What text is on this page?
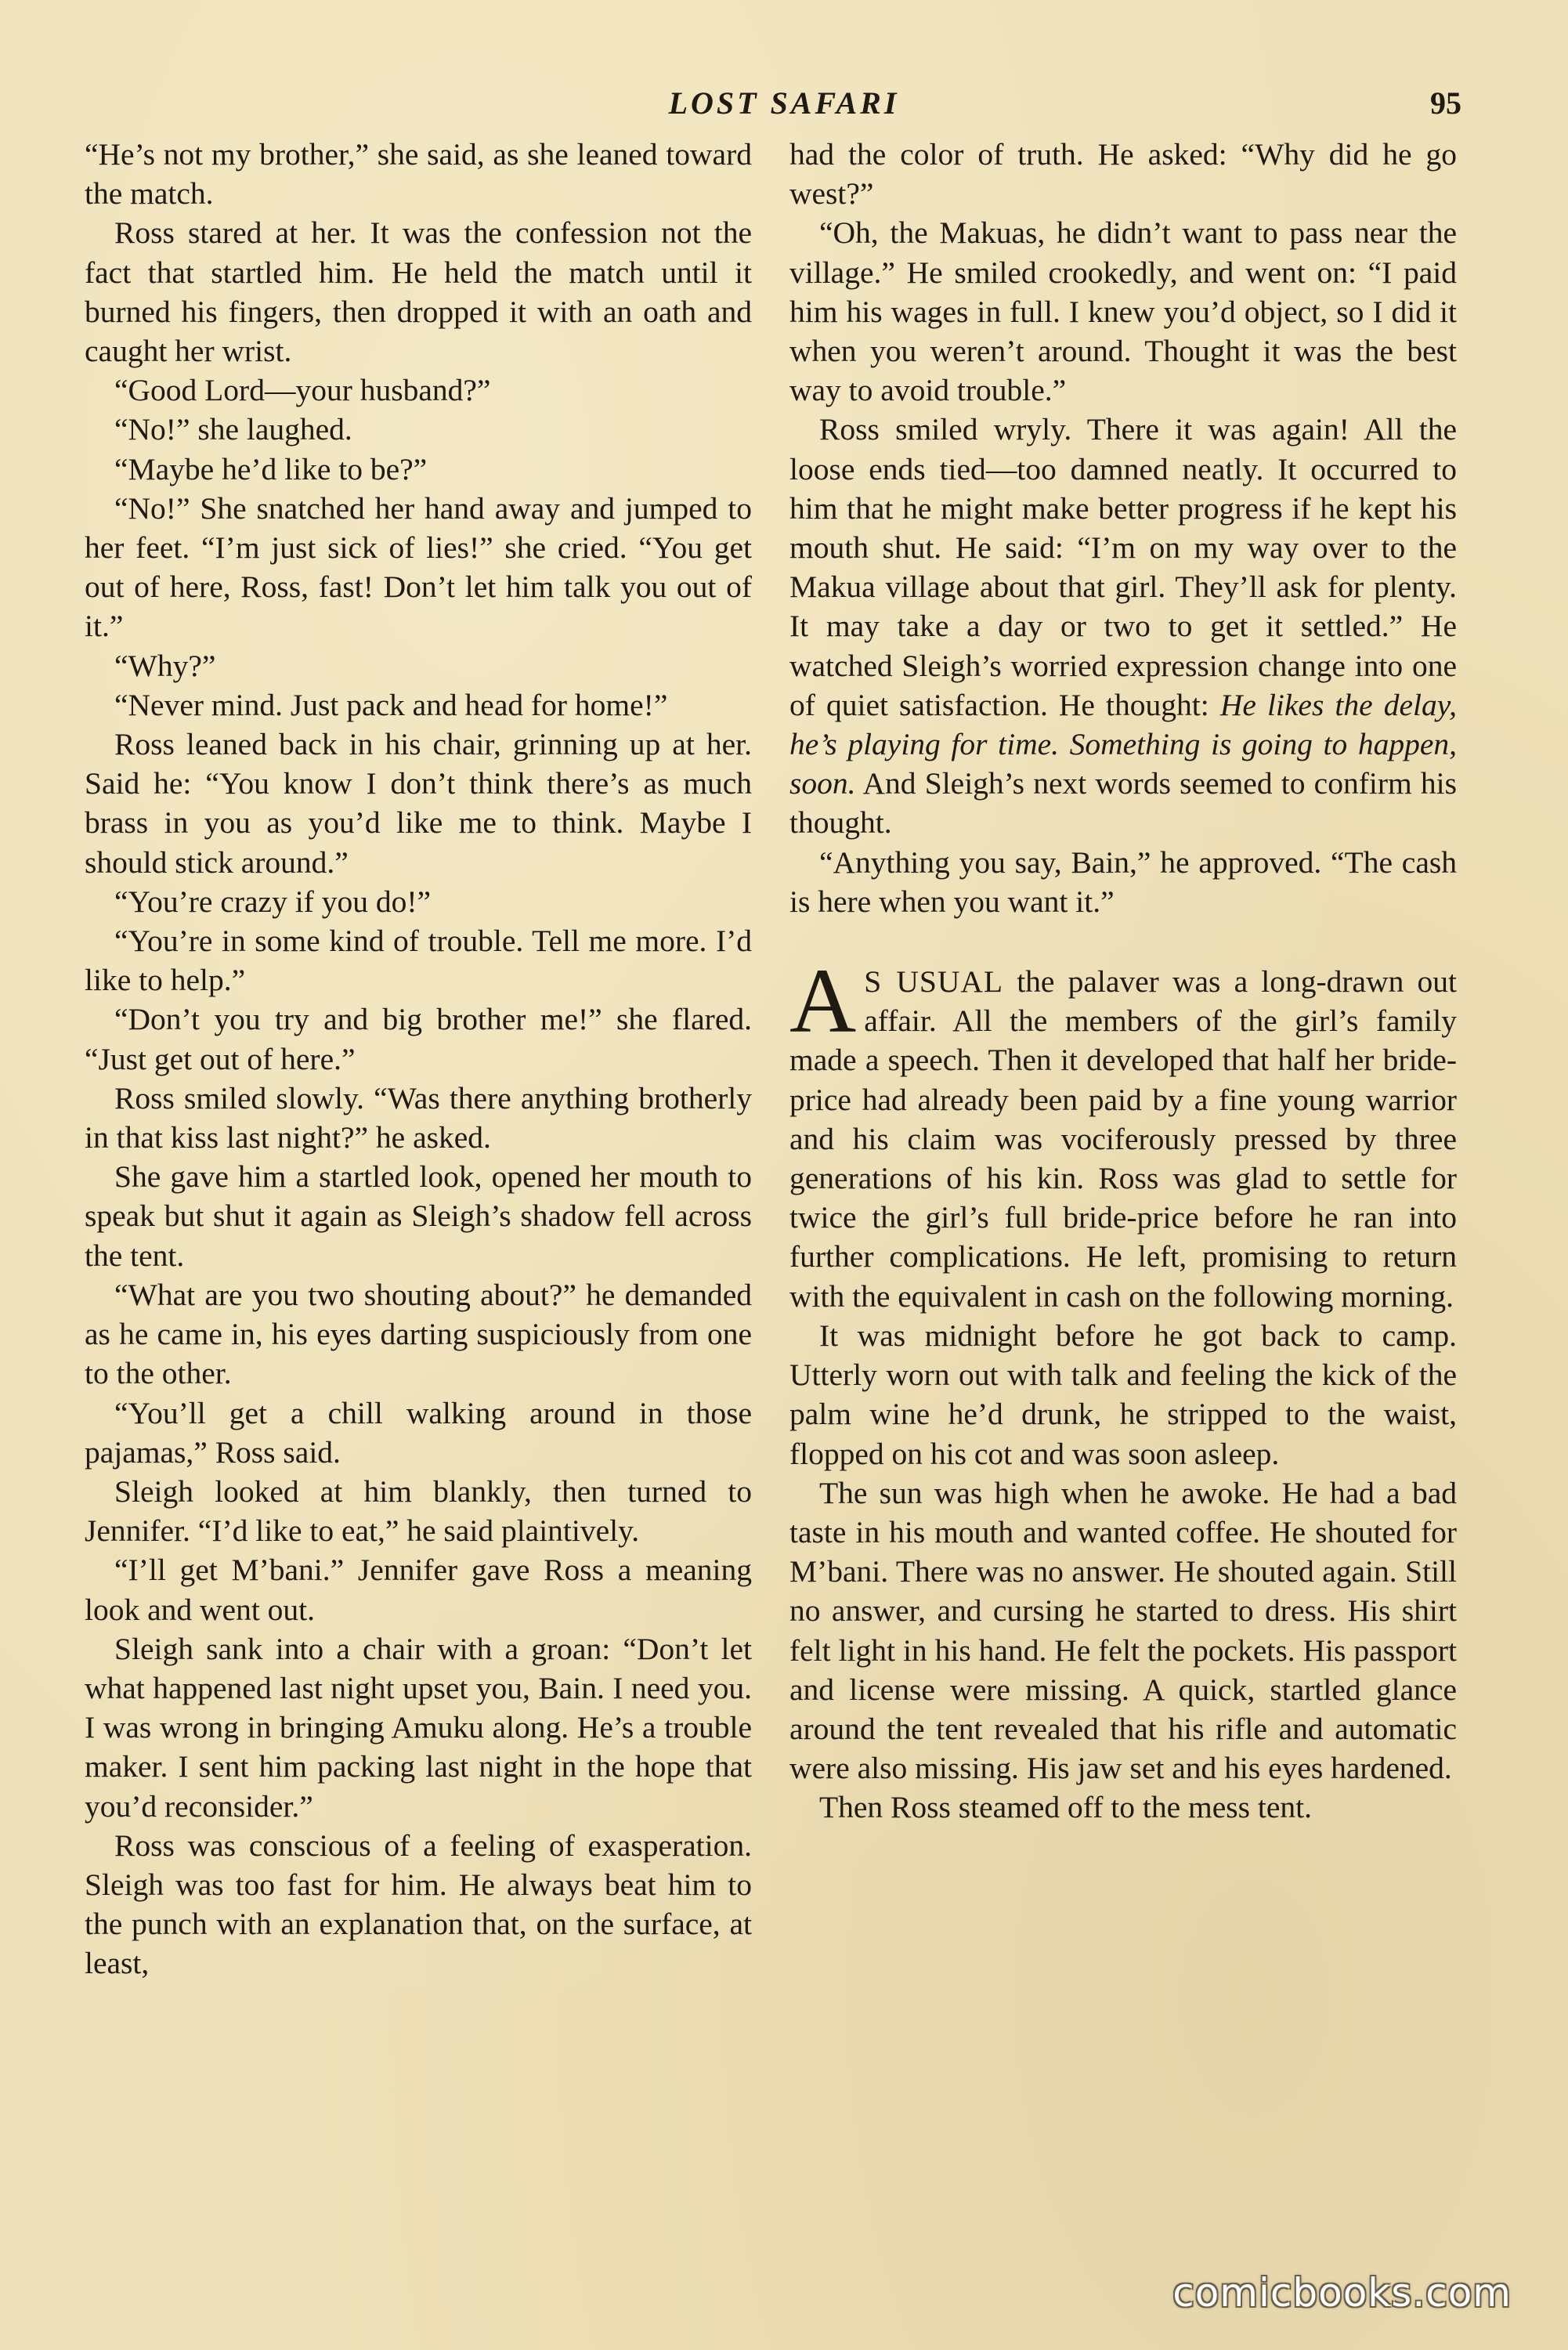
LOST SAFARI	95

“He’s not my brother,” she said, as she leaned toward the match.

Ross stared at her. It was the confession not the fact that startled him. He held the match until it burned his fingers, then dropped it with an oath and caught her wrist.

“Good Lord—your husband?”

“No!” she laughed.

“Maybe he’d like to be?”

“No!” She snatched her hand away and jumped to her feet. “I’m just sick of lies!” she cried. “You get out of here, Ross, fast! Don’t let him talk you out of it.”

“Why?”

“Never mind. Just pack and head for home!”

Ross leaned back in his chair, grinning up at her. Said he: “You know I don’t think there’s as much brass in you as you’d like me to think. Maybe I should stick around.”

“You’re crazy if you do!”

“You’re in some kind of trouble. Tell me more. I’d like to help.”

“Don’t you try and big brother me!” she flared. “Just get out of here.”

Ross smiled slowly. “Was there anything brotherly in that kiss last night?” he asked.

She gave him a startled look, opened her mouth to speak but shut it again as Sleigh’s shadow fell across the tent.

“What are you two shouting about?” he demanded as he came in, his eyes darting suspiciously from one to the other.

“You’ll get a chill walking around in those pajamas,” Ross said.

Sleigh looked at him blankly, then turned to Jennifer. “I’d like to eat,” he said plaintively.

“I’ll get M’bani.” Jennifer gave Ross a meaning look and went out.

Sleigh sank into a chair with a groan: “Don’t let what happened last night upset you, Bain. I need you. I was wrong in bringing Amuku along. He’s a trouble maker. I sent him packing last night in the hope that you’d reconsider.”

Ross was conscious of a feeling of exasperation. Sleigh was too fast for him. He always beat him to the punch with an explanation that, on the surface, at least,

had the color of truth. He asked: “Why did he go west?”

“Oh, the Makuas, he didn’t want to pass near the village.” He smiled crookedly, and went on: “I paid him his wages in full. I knew you’d object, so I did it when you weren’t around. Thought it was the best way to avoid trouble.”

Ross smiled wryly. There it was again! All the loose ends tied—too damned neatly. It occurred to him that he might make better progress if he kept his mouth shut. He said: “I’m on my way over to the Makua village about that girl. They’ll ask for plenty. It may take a day or two to get it settled.” He watched Sleigh’s worried expression change into one of quiet satisfaction. He thought: He likes the delay, he’s playing for time. Something is going to happen, soon. And Sleigh’s next words seemed to confirm his thought.

“Anything you say, Bain,” he approved. “The cash is here when you want it.”

A S USUAL the palaver was a long-drawn out affair. All the members of the girl’s family made a speech. Then it developed that half her bride-price had already been paid by a fine young warrior and his claim was vociferously pressed by three generations of his kin. Ross was glad to settle for twice the girl’s full bride-price before he ran into further complications. He left, promising to return with the equivalent in cash on the following morning.

It was midnight before he got back to camp. Utterly worn out with talk and feeling the kick of the palm wine he’d drunk, he stripped to the waist, flopped on his cot and was soon asleep.

The sun was high when he awoke. He had a bad taste in his mouth and wanted coffee. He shouted for M’bani. There was no answer. He shouted again. Still no answer, and cursing he started to dress. His shirt felt light in his hand. He felt the pockets. His passport and license were missing. A quick, startled glance around the tent revealed that his rifle and automatic were also missing. His jaw set and his eyes hardened.

Then Ross steamed off to the mess tent.

comicbooks.com
